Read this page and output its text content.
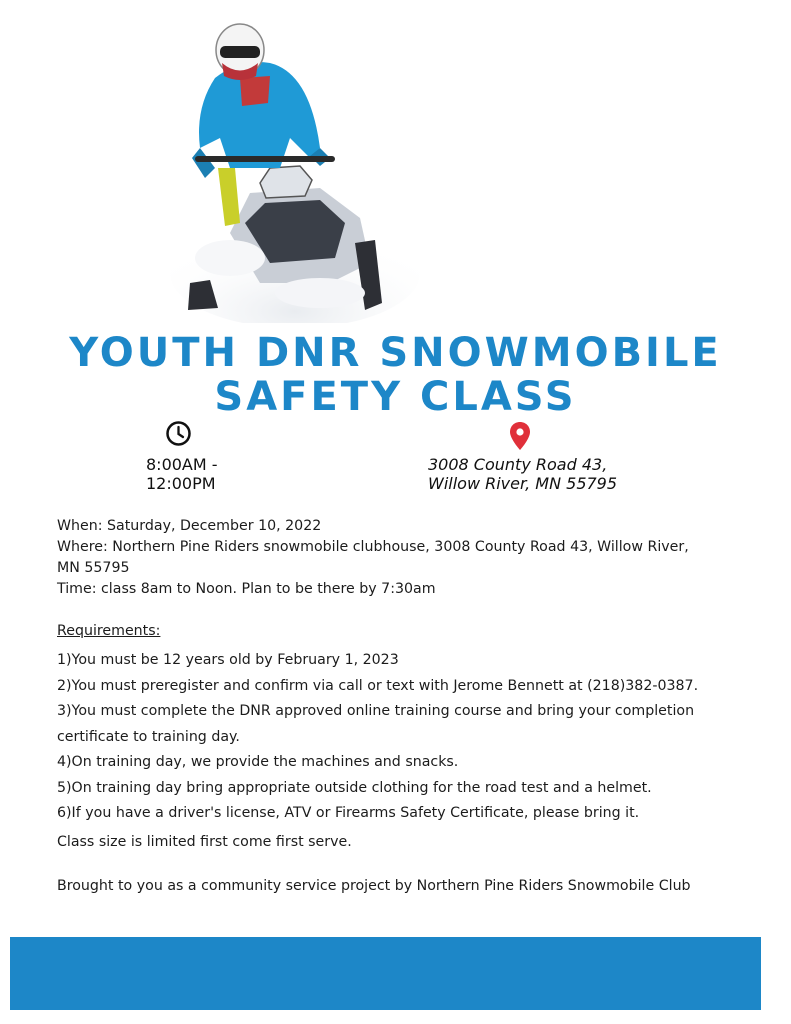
YOUTH DNR SNOWMOBILE
SAFETY CLASS
8:00AM -
12:00PM
3008 County Road 43,
Willow River, MN 55795

When: Saturday, December 10, 2022

Where: Northern Pine Riders snowmobile clubhouse, 3008 County Road 43, Willow River,

MN 55795

Time: class 8am to Noon. Plan to be there by 7:30am

Requirements:
1)You must be 12 years old by February 1, 2023
2)You must preregister and confirm via call or text with Jerome Bennett at (218)382-0387.
3)You must complete the DNR approved online training course and bring your completion
certificate to training day.
4)On training day, we provide the machines and snacks.
5)On training day bring appropriate outside clothing for the road test and a helmet.
6)If you have a driver's license, ATV or Firearms Safety Certificate, please bring it.
Class size is limited first come first serve.
Brought to you as a community service project by Northern Pine Riders Snowmobile Club
